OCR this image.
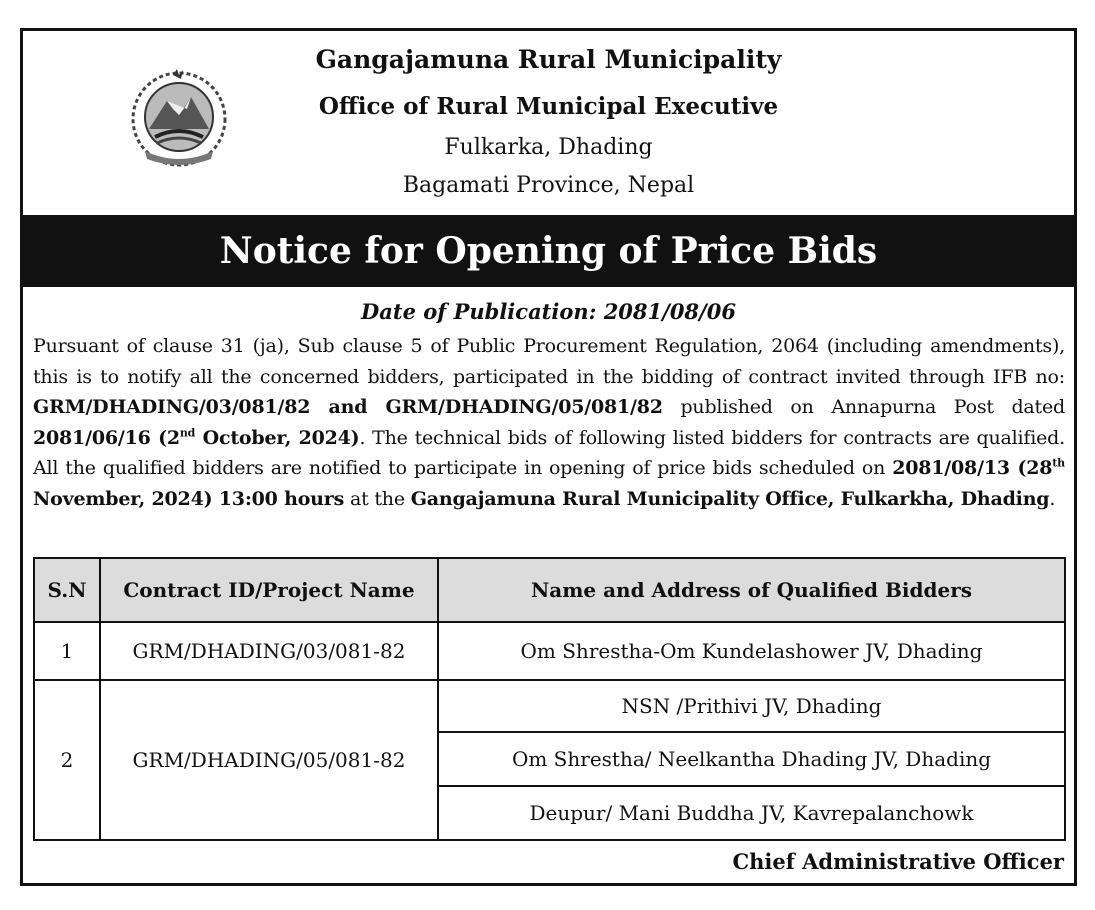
Gangajamuna Rural Municipality
Office of Rural Municipal Executive
Fulkarka, Dhading
Bagamati Province, Nepal
Notice for Opening of Price Bids
Date of Publication: 2081/08/06
Pursuant of clause 31 (ja), Sub clause 5 of Public Procurement Regulation, 2064 (including amendments), this is to notify all the concerned bidders, participated in the bidding of contract invited through IFB no: GRM/DHADING/03/081/82 and GRM/DHADING/05/081/82 published on Annapurna Post dated 2081/06/16 (2nd October, 2024). The technical bids of following listed bidders for contracts are qualified. All the qualified bidders are notified to participate in opening of price bids scheduled on 2081/08/13 (28th November, 2024) 13:00 hours at the Gangajamuna Rural Municipality Office, Fulkarkha, Dhading.
S.N	Contract ID/Project Name	Name and Address of Qualified Bidders
1	GRM/DHADING/03/081-82	Om Shrestha-Om Kundelashower JV, Dhading
2	GRM/DHADING/05/081-82	NSN /Prithivi JV, Dhading
		Om Shrestha/ Neelkantha Dhading JV, Dhading
		Deupur/ Mani Buddha JV, Kavrepalanchowk
Chief Administrative Officer
